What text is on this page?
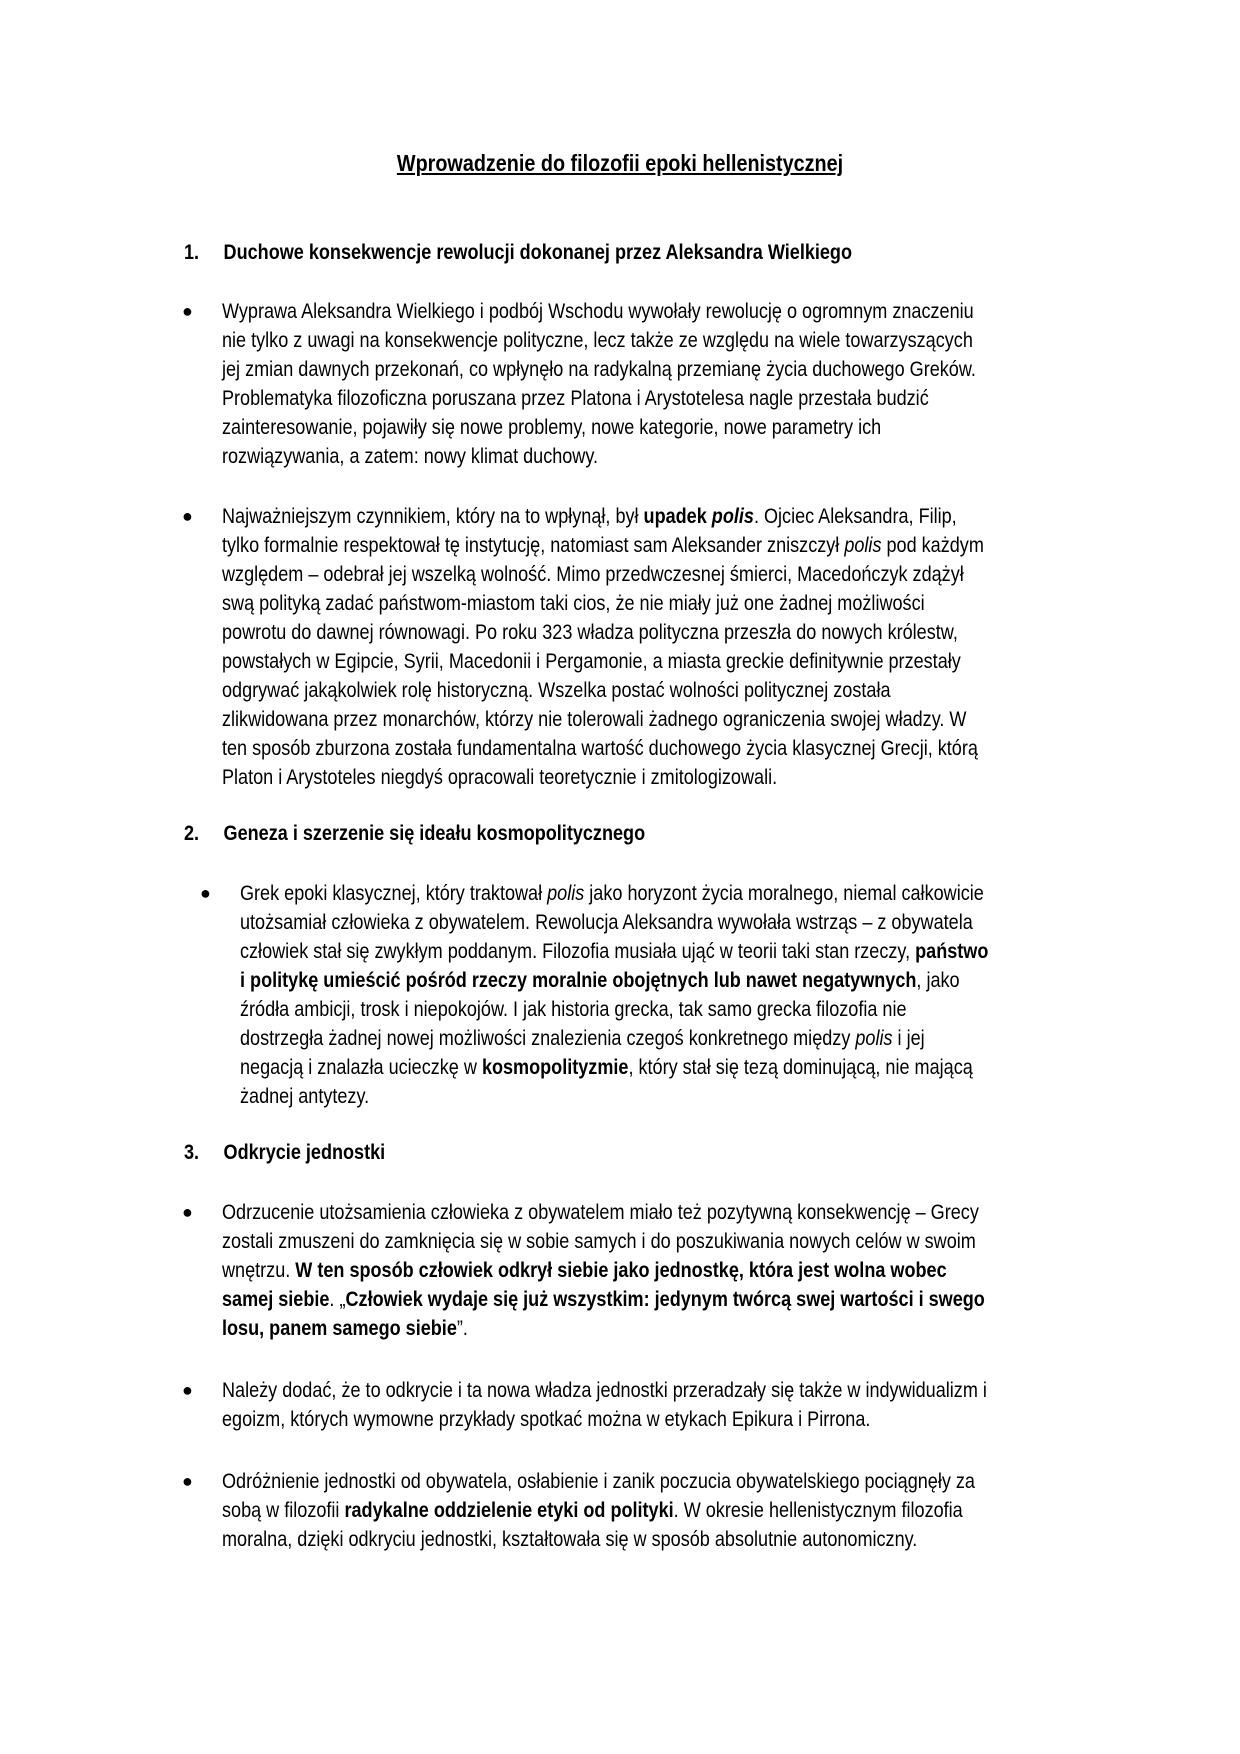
Wprowadzenie do filozofii epoki hellenistycznej
1. Duchowe konsekwencje rewolucji dokonanej przez Aleksandra Wielkiego
● Wyprawa Aleksandra Wielkiego i podbój Wschodu wywołały rewolucję o ogromnym znaczeniu
nie tylko z uwagi na konsekwencje polityczne, lecz także ze względu na wiele towarzyszących
jej zmian dawnych przekonań, co wpłynęło na radykalną przemianę życia duchowego Greków.
Problematyka filozoficzna poruszana przez Platona i Arystotelesa nagle przestała budzić
zainteresowanie, pojawiły się nowe problemy, nowe kategorie, nowe parametry ich
rozwiązywania, a zatem: nowy klimat duchowy.
● Najważniejszym czynnikiem, który na to wpłynął, był upadek polis. Ojciec Aleksandra, Filip,
tylko formalnie respektował tę instytucję, natomiast sam Aleksander zniszczył polis pod każdym
względem – odebrał jej wszelką wolność. Mimo przedwczesnej śmierci, Macedończyk zdążył
swą polityką zadać państwom-miastom taki cios, że nie miały już one żadnej możliwości
powrotu do dawnej równowagi. Po roku 323 władza polityczna przeszła do nowych królestw,
powstałych w Egipcie, Syrii, Macedonii i Pergamonie, a miasta greckie definitywnie przestały
odgrywać jakąkolwiek rolę historyczną. Wszelka postać wolności politycznej została
zlikwidowana przez monarchów, którzy nie tolerowali żadnego ograniczenia swojej władzy. W
ten sposób zburzona została fundamentalna wartość duchowego życia klasycznej Grecji, którą
Platon i Arystoteles niegdyś opracowali teoretycznie i zmitologizowali.
2. Geneza i szerzenie się ideału kosmopolitycznego
● Grek epoki klasycznej, który traktował polis jako horyzont życia moralnego, niemal całkowicie
utożsamiał człowieka z obywatelem. Rewolucja Aleksandra wywołała wstrząs – z obywatela
człowiek stał się zwykłym poddanym. Filozofia musiała ująć w teorii taki stan rzeczy, państwo
i politykę umieścić pośród rzeczy moralnie obojętnych lub nawet negatywnych, jako
źródła ambicji, trosk i niepokojów. I jak historia grecka, tak samo grecka filozofia nie
dostrzegła żadnej nowej możliwości znalezienia czegoś konkretnego między polis i jej
negacją i znalazła ucieczkę w kosmopolityzmie, który stał się tezą dominującą, nie mającą
żadnej antytezy.
3. Odkrycie jednostki
● Odrzucenie utożsamienia człowieka z obywatelem miało też pozytywną konsekwencję – Grecy
zostali zmuszeni do zamknięcia się w sobie samych i do poszukiwania nowych celów w swoim
wnętrzu. W ten sposób człowiek odkrył siebie jako jednostkę, która jest wolna wobec
samej siebie. „Człowiek wydaje się już wszystkim: jedynym twórcą swej wartości i swego
losu, panem samego siebie”.
● Należy dodać, że to odkrycie i ta nowa władza jednostki przeradzały się także w indywidualizm i
egoizm, których wymowne przykłady spotkać można w etykach Epikura i Pirrona.
● Odróżnienie jednostki od obywatela, osłabienie i zanik poczucia obywatelskiego pociągnęły za
sobą w filozofii radykalne oddzielenie etyki od polityki. W okresie hellenistycznym filozofia
moralna, dzięki odkryciu jednostki, kształtowała się w sposób absolutnie autonomiczny.
